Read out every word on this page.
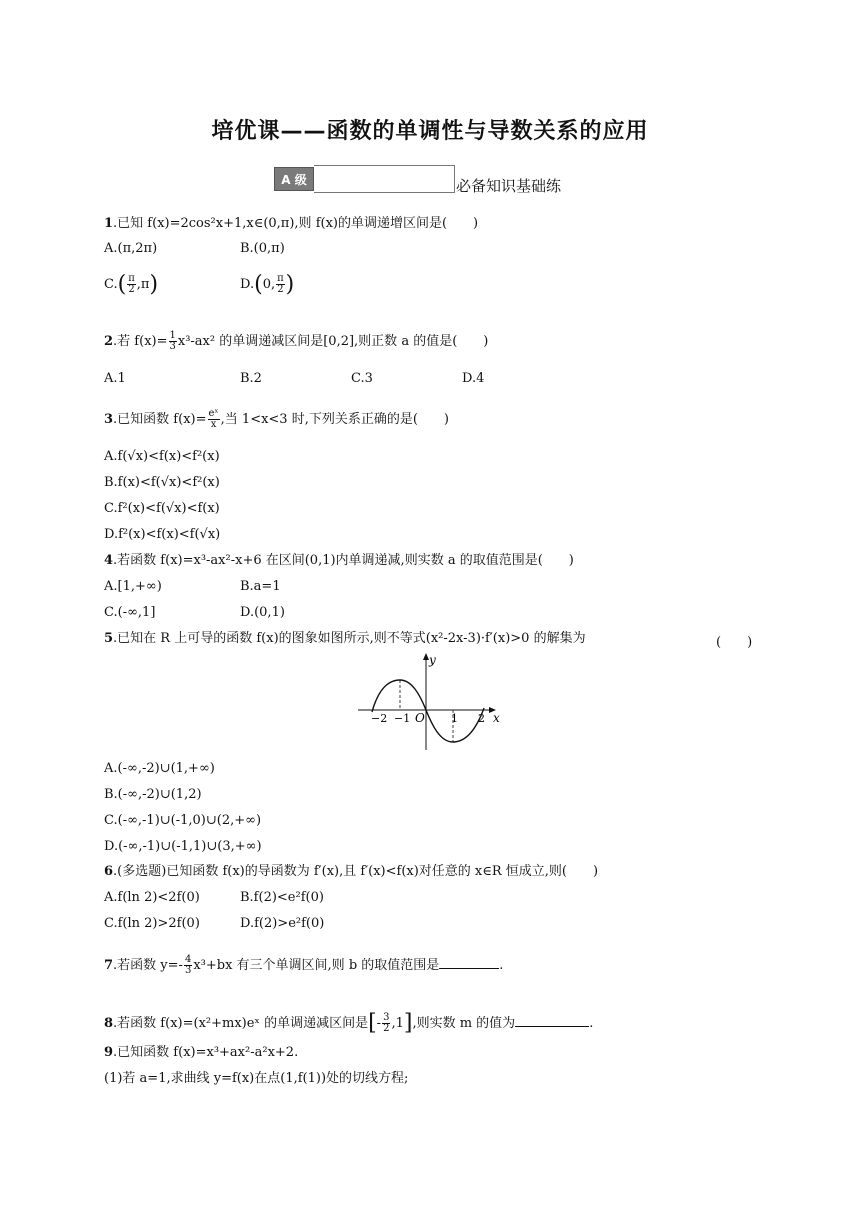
培优课——函数的单调性与导数关系的应用
A 级	必备知识基础练
1.已知 f(x)=2cos²x+1,x∈(0,π),则 f(x)的单调递增区间是(　　)
A.(π,2π)	B.(0,π)
$C.( \frac{\pi}{2} ,\pi)$	D.(0, $\frac{\pi}{2}$ )
2.若 $f(x)= \frac{1}{3} x^3-ax^2$ 的单调递减区间是[0,2],则正数 a 的值是(　　)
A.1	B.2	C.3	D.4
3.已知函数 $f(x)= \frac{\text{eˣ}}{x}$ ,当 1<x<3 时,下列关系正确的是(　　)
A.f(√x)<f(x)<f²(x)
B.f(x)<f(√x)<f²(x)
C.f²(x)<f(√x)<f(x)
D.f²(x)<f(x)<f(√x)
4.若函数 f(x)=x³-ax²-x+6 在区间(0,1)内单调递减,则实数 a 的取值范围是(　　)
A.[1,+∞)	B.a=1
C.(-∞,1]	D.(0,1)
5.已知在 R 上可导的函数 f(x)的图象如图所示,则不等式(x²-2x-3)·f′(x)>0 的解集为	(　　)
y
x
O
−2 −1	1 2
A.(-∞,-2)∪(1,+∞)
B.(-∞,-2)∪(1,2)
C.(-∞,-1)∪(-1,0)∪(2,+∞)
D.(-∞,-1)∪(-1,1)∪(3,+∞)
6.(多选题)已知函数 f(x)的导函数为 f′(x),且 f′(x)<f(x)对任意的 x∈R 恒成立,则(　　)
A.f(ln 2)<2f(0)	B.f(2)<e²f(0)
C.f(ln 2)>2f(0)	D.f(2)>e²f(0)
7.若函数 $y=- \frac{4}{3} x^3+bx$ 有三个单调区间,则 b 的取值范围是	.
8.若函数 f(x)=(x²+mx)eˣ 的单调递减区间是[- $\frac{3}{2} ,1$],则实数 m 的值为	.
9.已知函数 f(x)=x³+ax²-a²x+2.
(1)若 a=1,求曲线 y=f(x)在点(1,f(1))处的切线方程;
